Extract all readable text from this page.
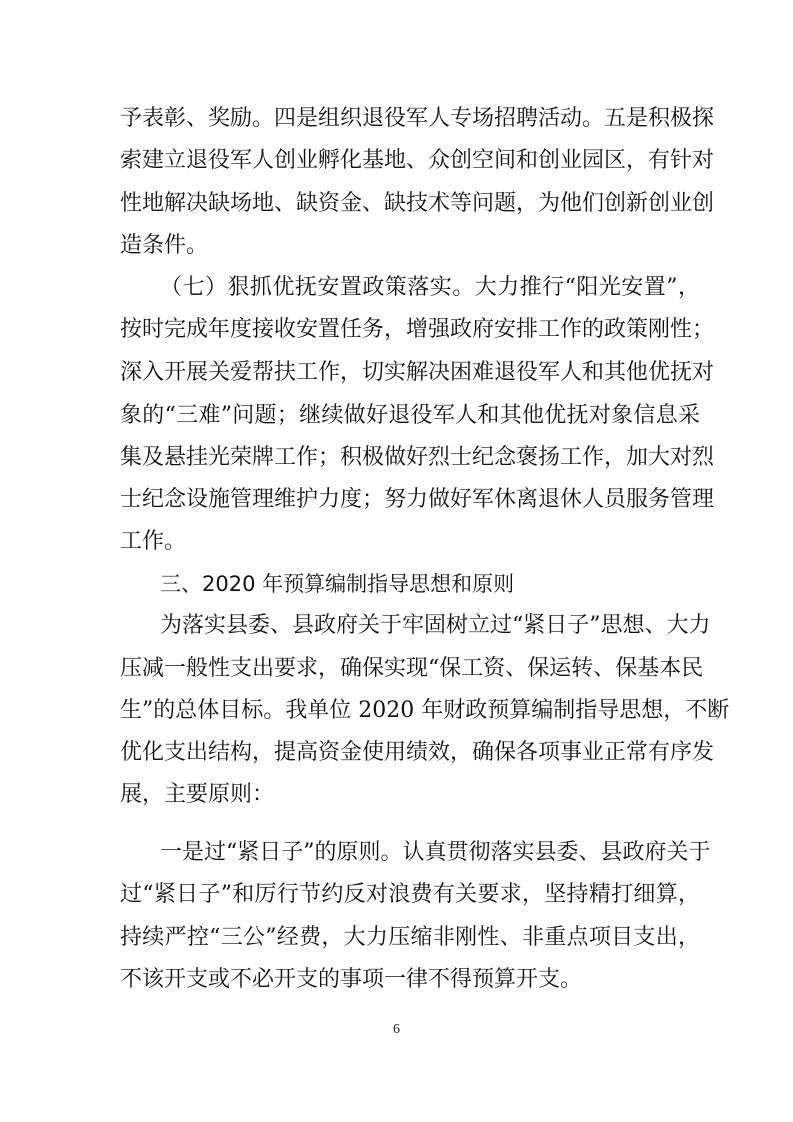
予表彰、奖励。四是组织退役军人专场招聘活动。五是积极探
索建立退役军人创业孵化基地、众创空间和创业园区，有针对
性地解决缺场地、缺资金、缺技术等问题，为他们创新创业创
造条件。
（七）狠抓优抚安置政策落实。大力推行“阳光安置”，
按时完成年度接收安置任务，增强政府安排工作的政策刚性；
深入开展关爱帮扶工作，切实解决困难退役军人和其他优抚对
象的“三难”问题；继续做好退役军人和其他优抚对象信息采
集及悬挂光荣牌工作；积极做好烈士纪念褒扬工作，加大对烈
士纪念设施管理维护力度；努力做好军休离退休人员服务管理
工作。
三、2020 年预算编制指导思想和原则
为落实县委、县政府关于牢固树立过“紧日子”思想、大力
压减一般性支出要求，确保实现“保工资、保运转、保基本民
生”的总体目标。我单位 2020 年财政预算编制指导思想，不断
优化支出结构，提高资金使用绩效，确保各项事业正常有序发
展，主要原则：
一是过“紧日子”的原则。认真贯彻落实县委、县政府关于
过“紧日子”和厉行节约反对浪费有关要求，坚持精打细算，
持续严控“三公”经费，大力压缩非刚性、非重点项目支出，
不该开支或不必开支的事项一律不得预算开支。
6
